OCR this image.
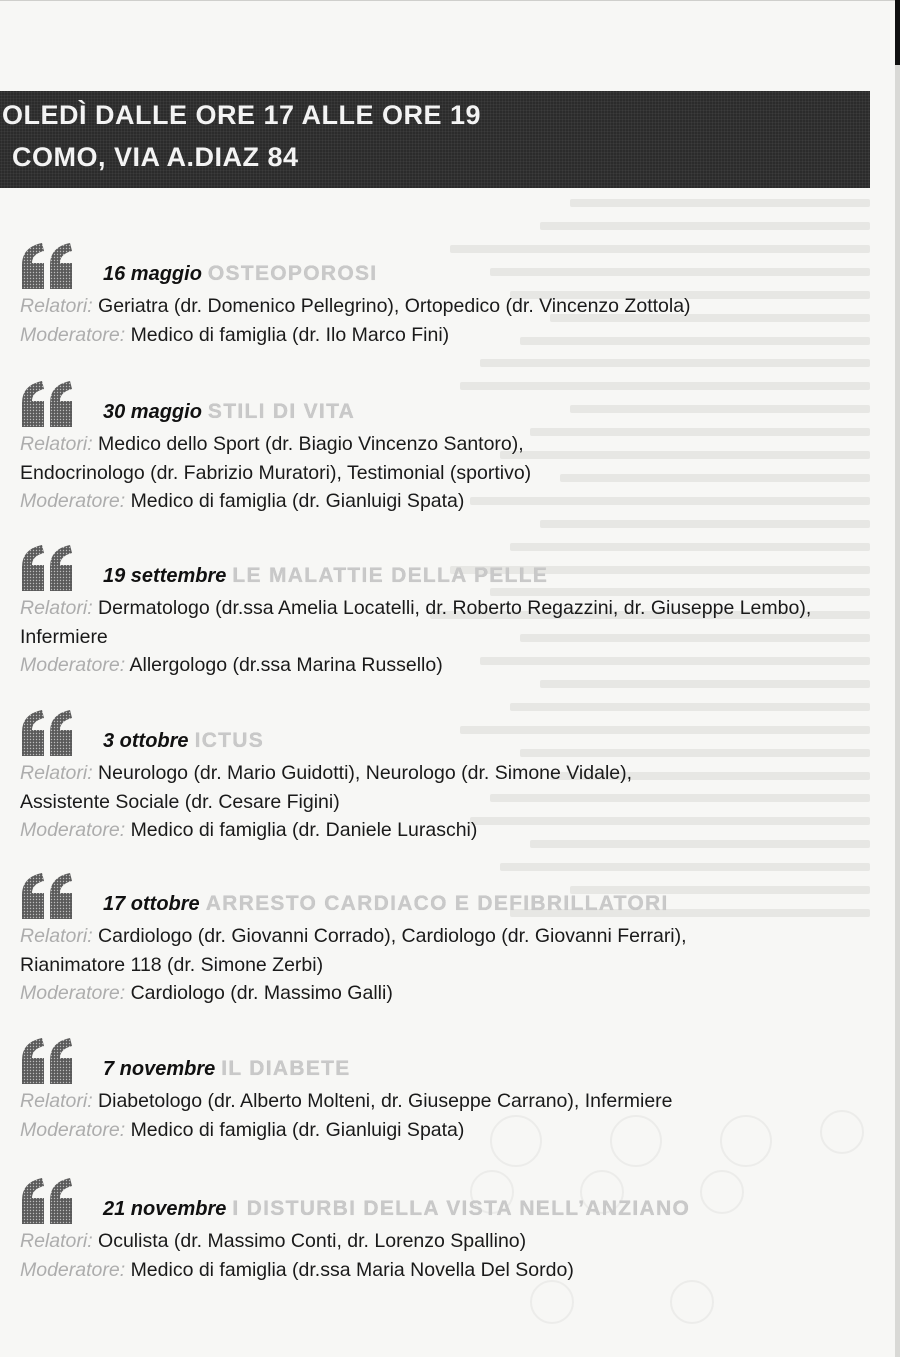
OLEDÌ DALLE ORE 17 ALLE ORE 19
COMO, VIA A.DIAZ 84
16 maggio OSTEOPOROSI

Relatori: Geriatra (dr. Domenico Pellegrino), Ortopedico (dr. Vincenzo Zottola)

Moderatore: Medico di famiglia (dr. Ilo Marco Fini)

30 maggio STILI DI VITA

Relatori: Medico dello Sport (dr. Biagio Vincenzo Santoro),

Endocrinologo (dr. Fabrizio Muratori), Testimonial (sportivo)

Moderatore: Medico di famiglia (dr. Gianluigi Spata)

19 settembre LE MALATTIE DELLA PELLE

Relatori: Dermatologo (dr.ssa Amelia Locatelli, dr. Roberto Regazzini, dr. Giuseppe Lembo),

Infermiere

Moderatore: Allergologo (dr.ssa Marina Russello)

3 ottobre ICTUS

Relatori: Neurologo (dr. Mario Guidotti), Neurologo (dr. Simone Vidale),

Assistente Sociale (dr. Cesare Figini)

Moderatore: Medico di famiglia (dr. Daniele Luraschi)

17 ottobre ARRESTO CARDIACO E DEFIBRILLATORI

Relatori: Cardiologo (dr. Giovanni Corrado), Cardiologo (dr. Giovanni Ferrari),

Rianimatore 118 (dr. Simone Zerbi)

Moderatore: Cardiologo (dr. Massimo Galli)

7 novembre IL DIABETE

Relatori: Diabetologo (dr. Alberto Molteni, dr. Giuseppe Carrano), Infermiere

Moderatore: Medico di famiglia (dr. Gianluigi Spata)

21 novembre I DISTURBI DELLA VISTA NELL’ANZIANO

Relatori: Oculista (dr. Massimo Conti, dr. Lorenzo Spallino)

Moderatore: Medico di famiglia (dr.ssa Maria Novella Del Sordo)
